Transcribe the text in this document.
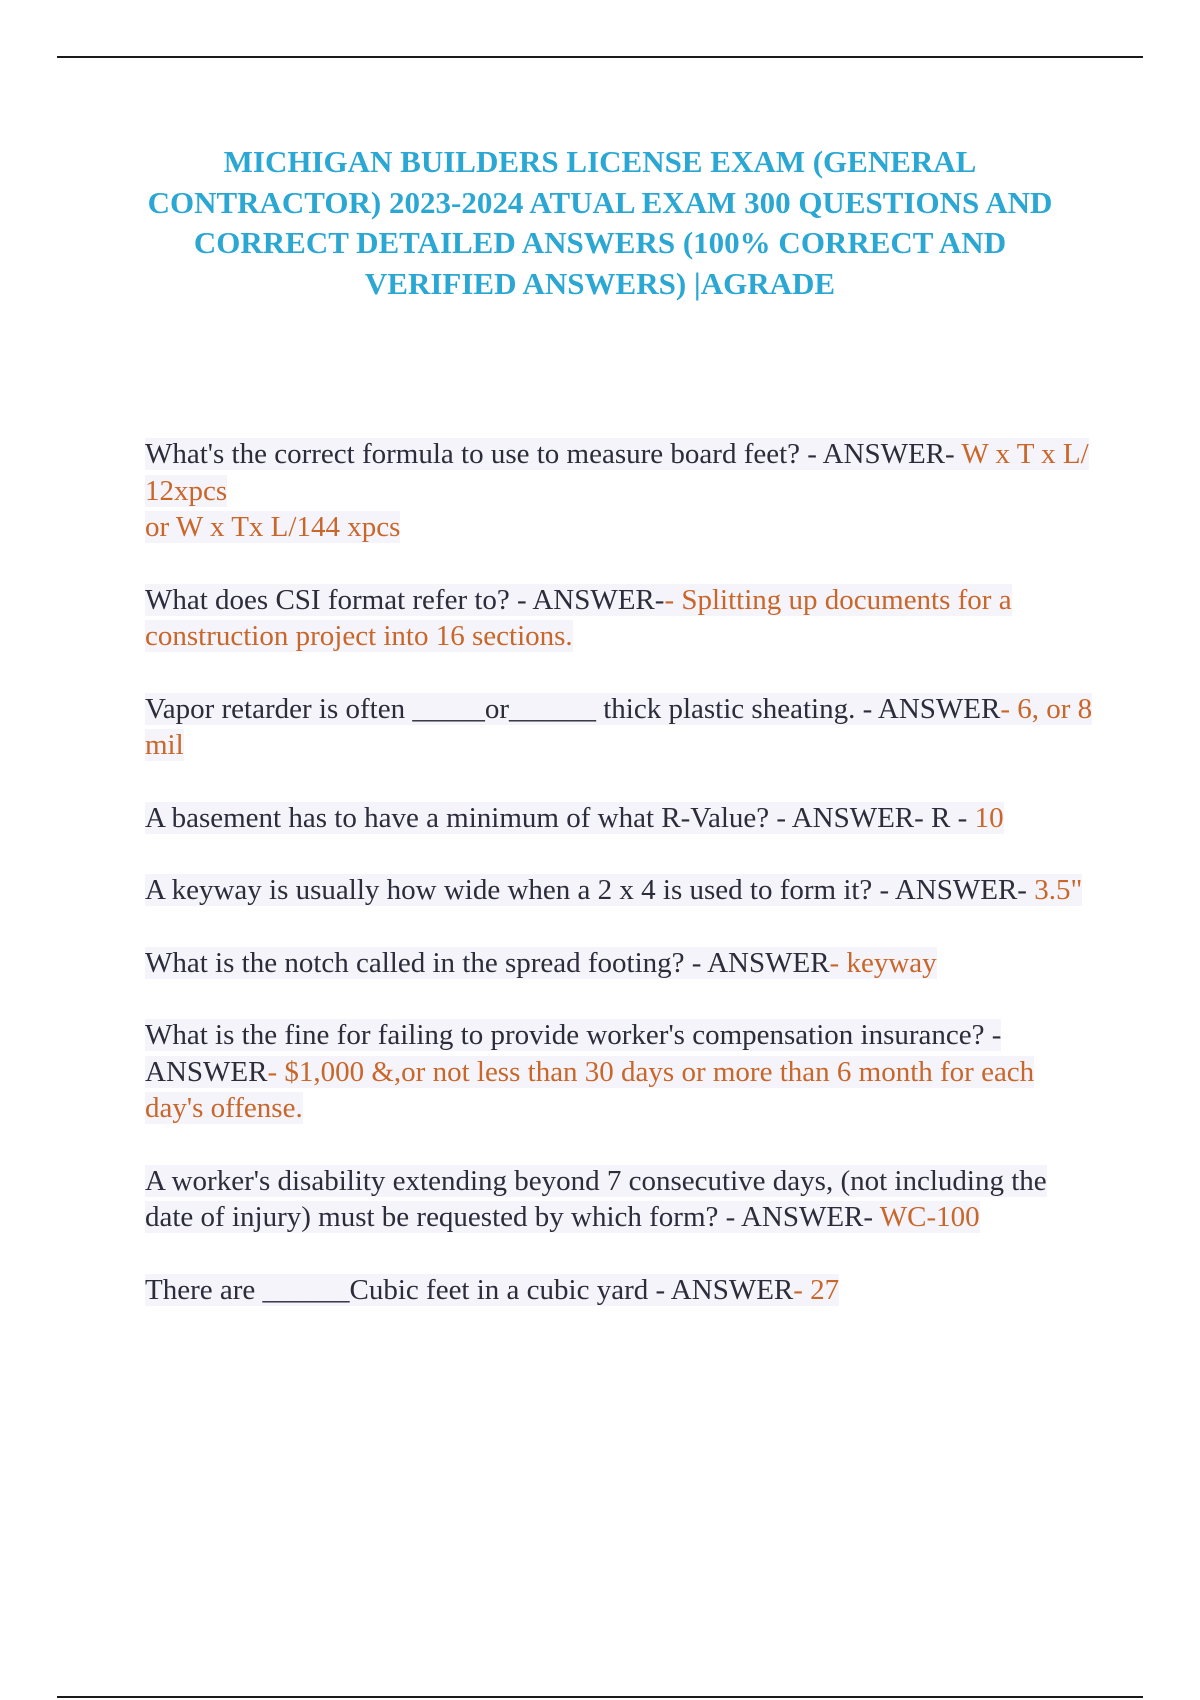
MICHIGAN BUILDERS LICENSE EXAM (GENERAL CONTRACTOR) 2023-2024 ATUAL EXAM 300 QUESTIONS AND CORRECT DETAILED ANSWERS (100% CORRECT AND VERIFIED ANSWERS) |AGRADE

What's the correct formula to use to measure board feet? - ANSWER- W x T x L/ 12xpcs
or W x Tx L/144 xpcs

What does CSI format refer to? - ANSWER-- Splitting up documents for a construction project into 16 sections.

Vapor retarder is often _____or______ thick plastic sheating. - ANSWER- 6, or 8 mil

A basement has to have a minimum of what R-Value? - ANSWER- R - 10

A keyway is usually how wide when a 2 x 4 is used to form it? - ANSWER- 3.5"

What is the notch called in the spread footing? - ANSWER- keyway

What is the fine for failing to provide worker's compensation insurance? - ANSWER- $1,000 &,or not less than 30 days or more than 6 month for each day's offense.

A worker's disability extending beyond 7 consecutive days, (not including the date of injury) must be requested by which form? - ANSWER- WC-100

There are ______Cubic feet in a cubic yard - ANSWER- 27
